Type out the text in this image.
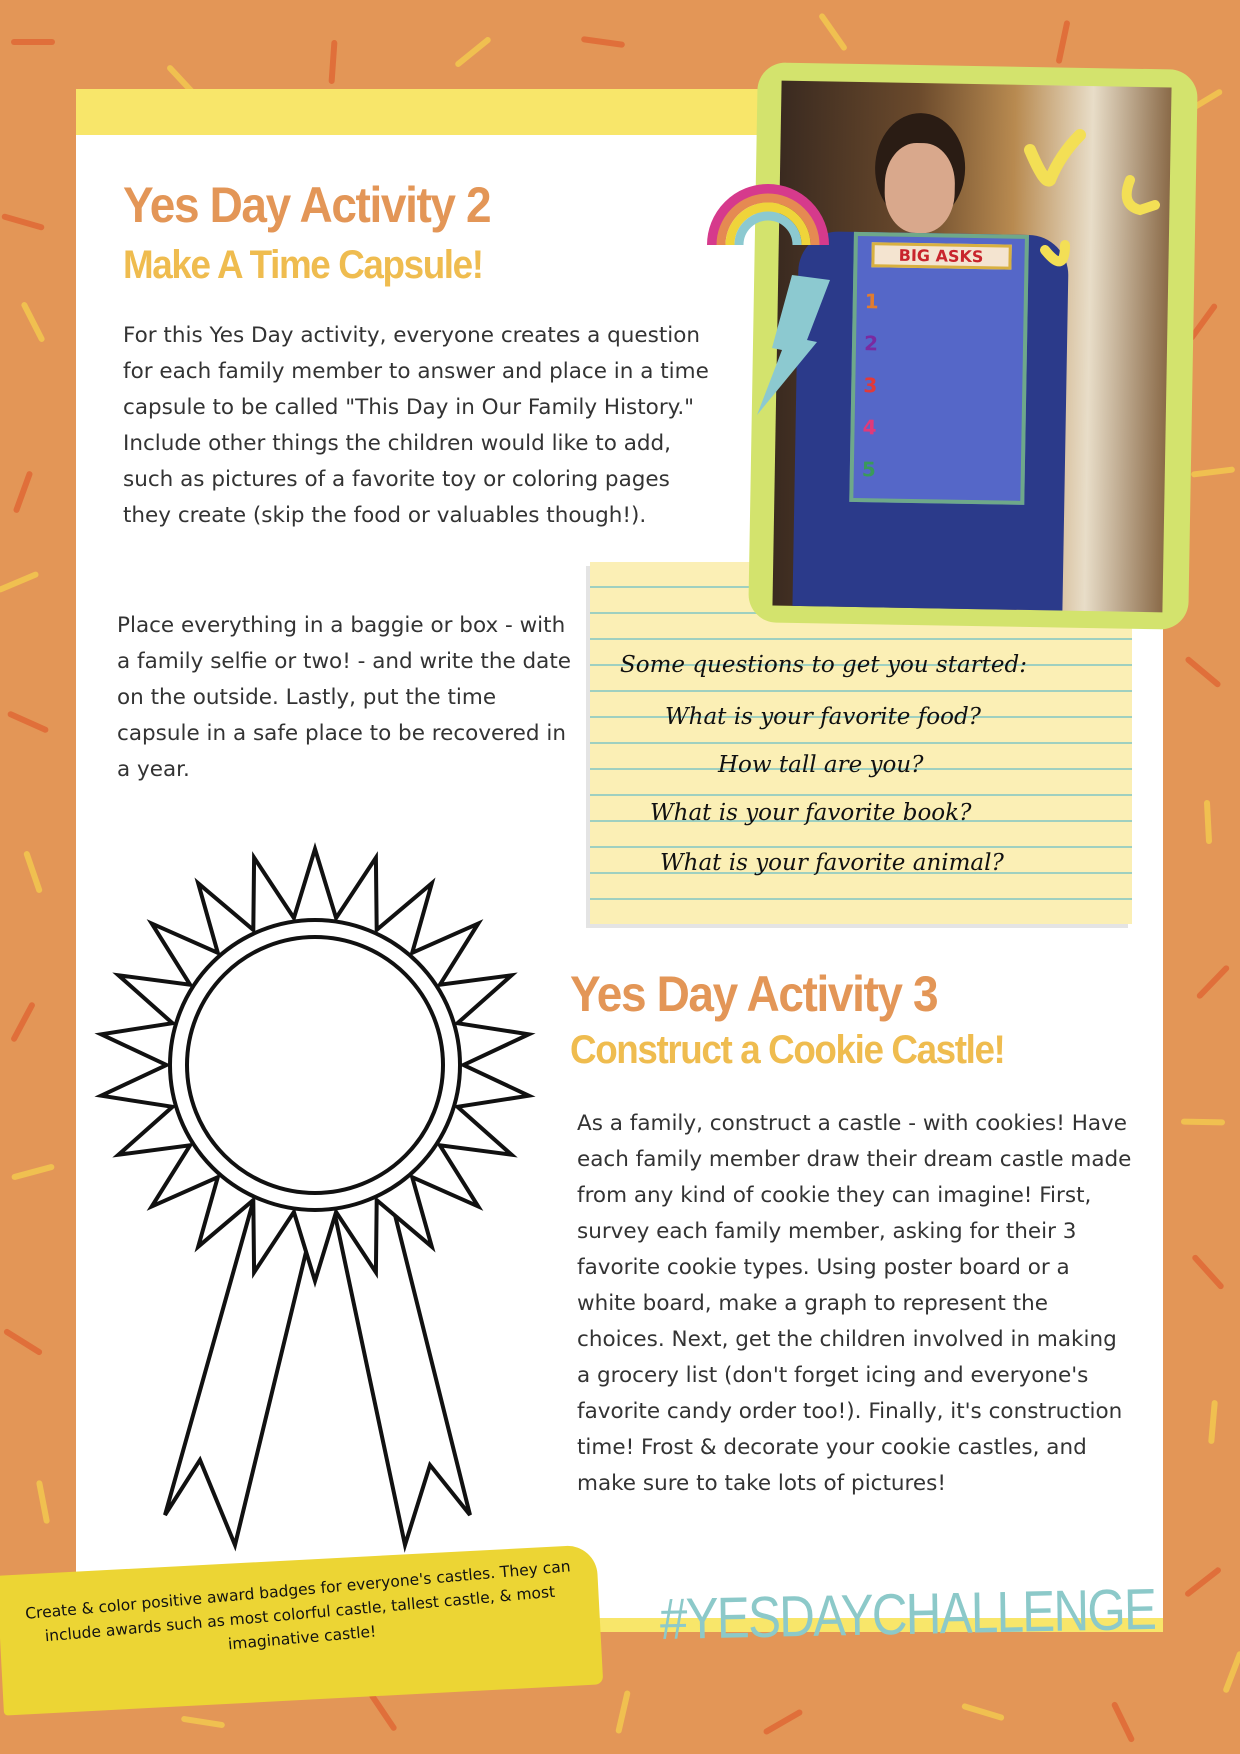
Yes Day Activity 2
Make A Time Capsule!
For this Yes Day activity, everyone creates a question for each family member to answer and place in a time capsule to be called "This Day in Our Family History." Include other things the children would like to add, such as pictures of a favorite toy or coloring pages they create (skip the food or valuables though!).
Place everything in a baggie or box - with a family selfie or two! - and write the date on the outside. Lastly, put the time capsule in a safe place to be recovered in a year.
Some questions to get you started:
What is your favorite food?
How tall are you?
What is your favorite book?
What is your favorite animal?
BIG ASKS
1
2
3
4
5
Yes Day Activity 3
Construct a Cookie Castle!
As a family, construct a castle - with cookies! Have each family member draw their dream castle made from any kind of cookie they can imagine! First, survey each family member, asking for their 3 favorite cookie types. Using poster board or a white board, make a graph to represent the choices. Next, get the children involved in making a grocery list (don't forget icing and everyone's favorite candy order too!). Finally, it's construction time! Frost & decorate your cookie castles, and make sure to take lots of pictures!
Create & color positive award badges for everyone's castles. They can include awards such as most colorful castle, tallest castle, & most imaginative castle!	#YESDAYCHALLENGE
